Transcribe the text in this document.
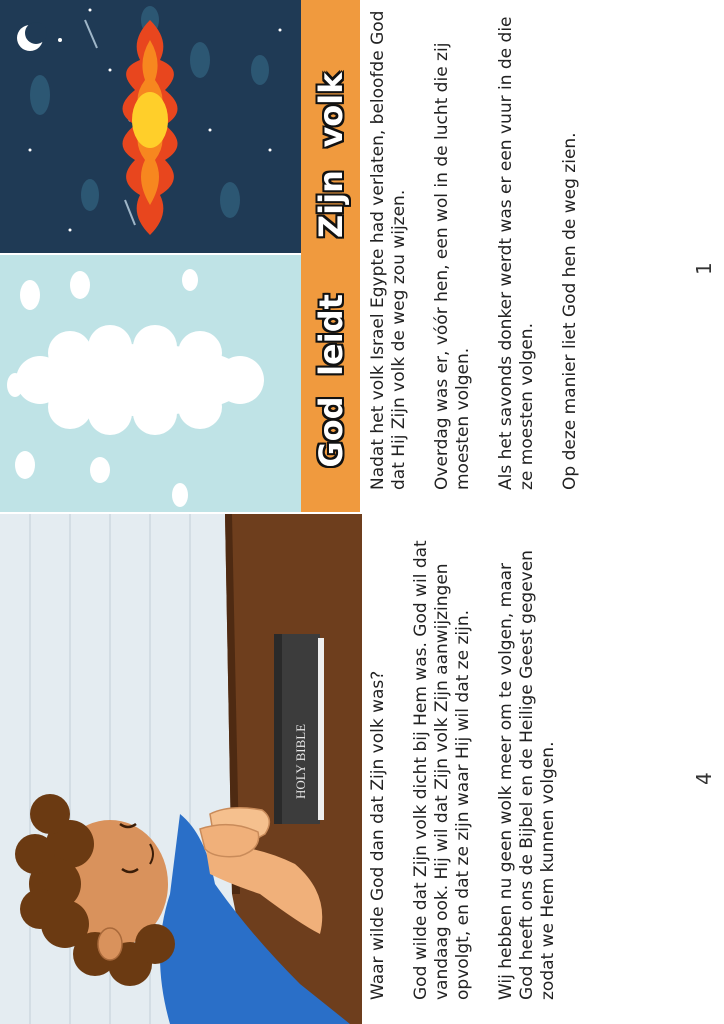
HOLY BIBLE
God
leidt
Zijn
volk Nadat het volk Israel Egypte had verlaten, beloofde God dat Hij Zijn volk de weg zou wijzen. Overdag was er, vóór hen, een wol in de lucht die zij moesten volgen. Als het savonds donker werdt was er een vuur in de die ze moesten volgen. Op deze manier liet God hen de weg zien.	1

Waar wilde God dan dat Zijn volk was? God wilde dat Zijn volk dicht bij Hem was. God wil dat vandaag ook. Hij wil dat Zijn volk Zijn aanwijzingen opvolgt, en dat ze zijn waar Hij wil dat ze zijn. Wij hebben nu geen wolk meer om te volgen, maar God heeft ons de Bijbel en de Heilige Geest gegeven zodat we Hem kunnen volgen.	4
